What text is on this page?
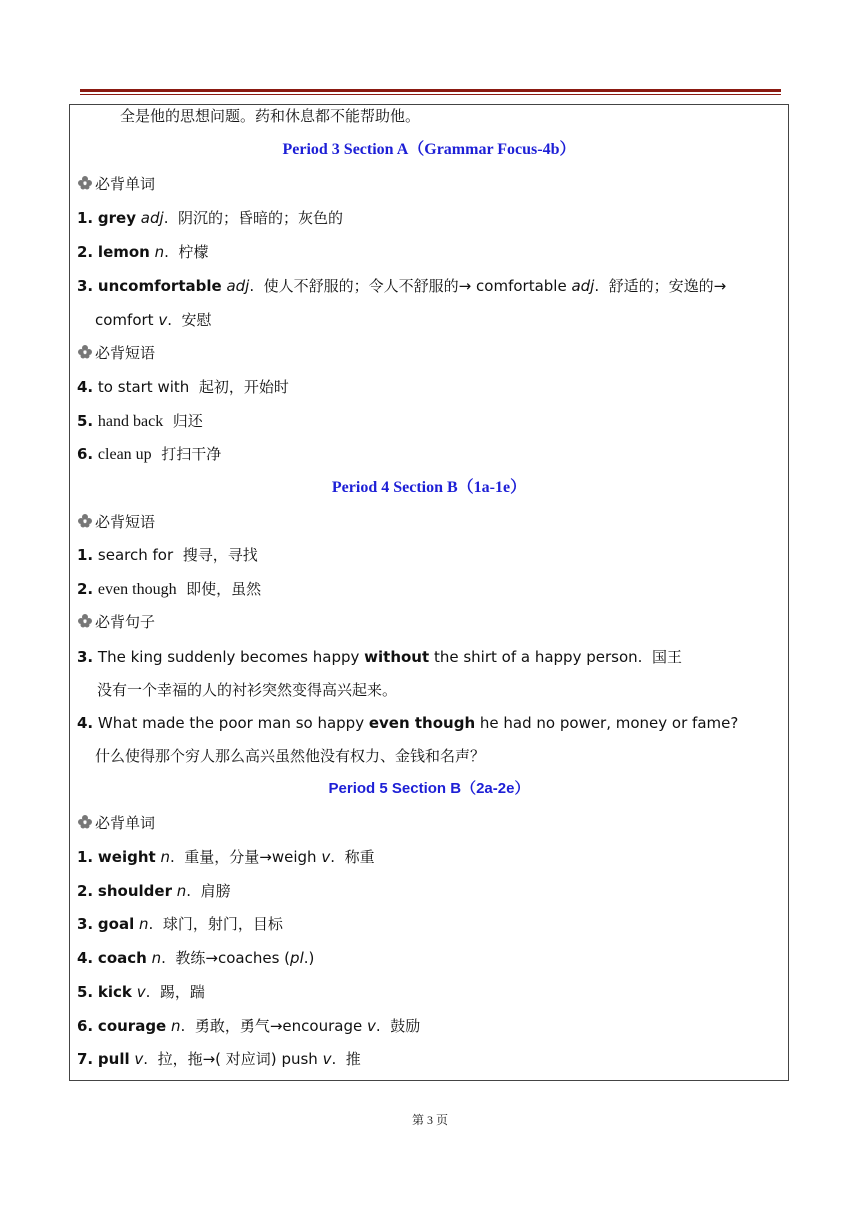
全是他的思想问题。药和休息都不能帮助他。
Period 3 Section A（Grammar Focus-4b）
必背单词
1. grey adj.  阴沉的；昏暗的；灰色的
2. lemon n.  柠檬
3. uncomfortable adj.  使人不舒服的；令人不舒服的→ comfortable adj.  舒适的；安逸的→
comfort v.  安慰
必背短语
4. to start with 起初，开始时
5. hand back 归还
6. clean up 打扫干净
Period 4 Section B（1a-1e）
必背短语
1. search for 搜寻，寻找
2. even though 即使，虽然
必背句子
3. The king suddenly becomes happy without the shirt of a happy person. 国王
没有一个幸福的人的衬衫突然变得高兴起来。
4. What made the poor man so happy even though he had no power, money or fame?
什么使得那个穷人那么高兴虽然他没有权力、金钱和名声？
Period 5 Section B（2a-2e）
必背单词
1. weight n.  重量，分量→weigh v.  称重
2. shoulder n.  肩膀
3. goal n.  球门，射门，目标
4. coach n.  教练→coaches (pl.)
5. kick v.  踢，踹
6. courage n.  勇敢，勇气→encourage v.  鼓励
7. pull v.  拉，拖→( 对应词) push v.  推
第 3 页
